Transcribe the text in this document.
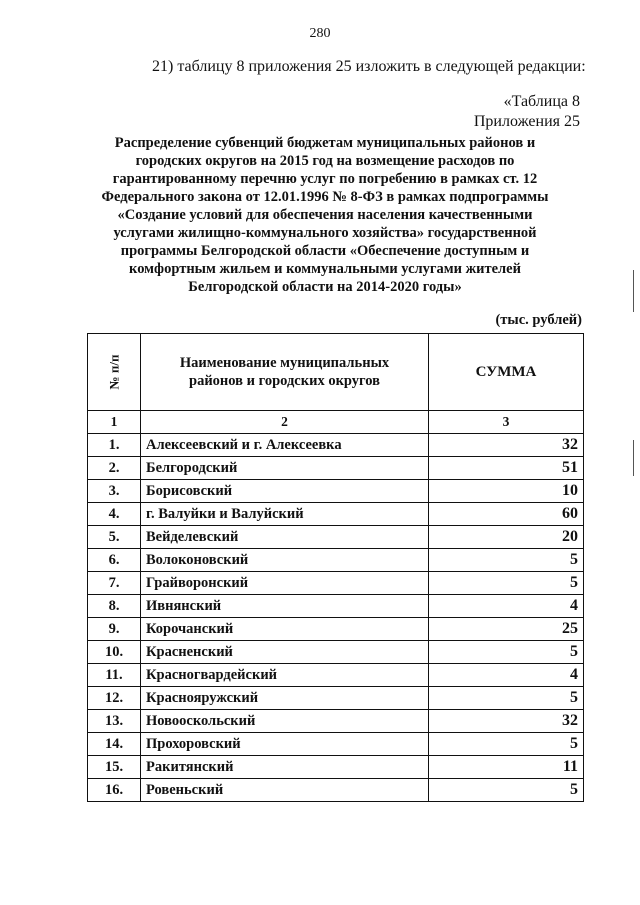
280
21) таблицу 8 приложения 25 изложить в следующей редакции:
«Таблица 8
Приложения 25
Распределение субвенций бюджетам муниципальных районов и
городских округов на 2015 год на возмещение расходов по
гарантированному перечню услуг по погребению в рамках ст. 12
Федерального закона от 12.01.1996 № 8-ФЗ в рамках подпрограммы
«Создание условий для обеспечения населения качественными
услугами жилищно-коммунального хозяйства» государственной
программы Белгородской области «Обеспечение доступным и
комфортным жильем и коммунальными услугами жителей
Белгородской области на 2014-2020 годы»
(тыс. рублей)
№ п/п	Наименование муниципальных
районов и городских округов	СУММА
1	2	3
1.	Алексеевский и г. Алексеевка	32
2.	Белгородский	51
3.	Борисовский	10
4.	г. Валуйки и Валуйский	60
5.	Вейделевский	20
6.	Волоконовский	5
7.	Грайворонский	5
8.	Ивнянский	4
9.	Корочанский	25
10.	Красненский	5
11.	Красногвардейский	4
12.	Краснояружский	5
13.	Новооскольский	32
14.	Прохоровский	5
15.	Ракитянский	11
16.	Ровеньский	5
